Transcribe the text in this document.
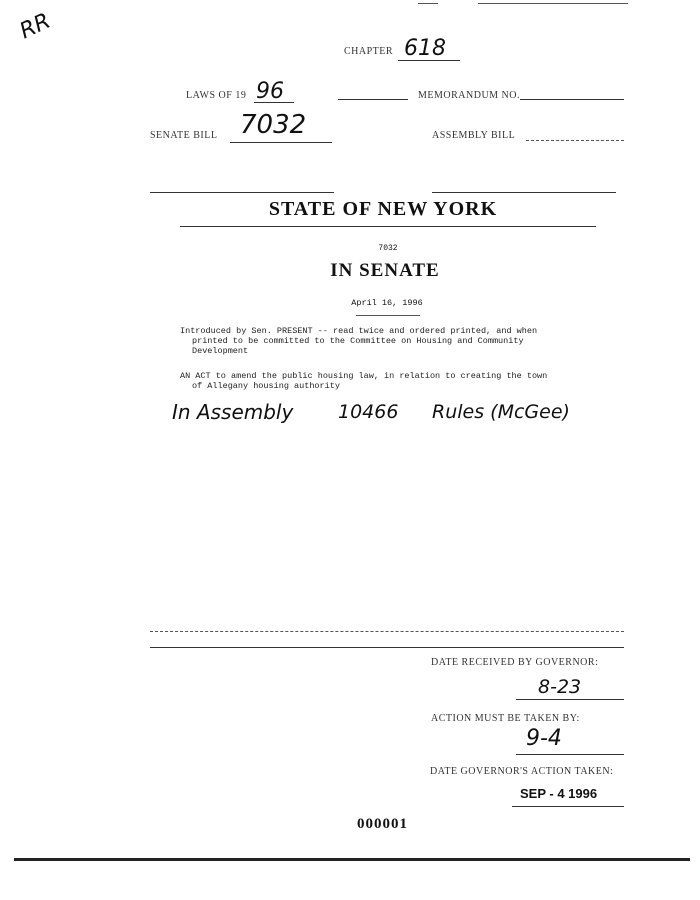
RR
CHAPTER 618
LAWS OF 19 96	MEMORANDUM NO.
SENATE BILL 7032	ASSEMBLY BILL
STATE OF NEW YORK
7032
IN SENATE
April 16, 1996
Introduced by Sen. PRESENT -- read twice and ordered printed, and when
printed to be committed to the Committee on Housing and Community
Development
AN ACT to amend the public housing law, in relation to creating the town
of Allegany housing authority
In Assembly 10466 Rules (McGee)
DATE RECEIVED BY GOVERNOR:
8-23
ACTION MUST BE TAKEN BY:
9-4
DATE GOVERNOR'S ACTION TAKEN:
SEP - 4 1996
000001
